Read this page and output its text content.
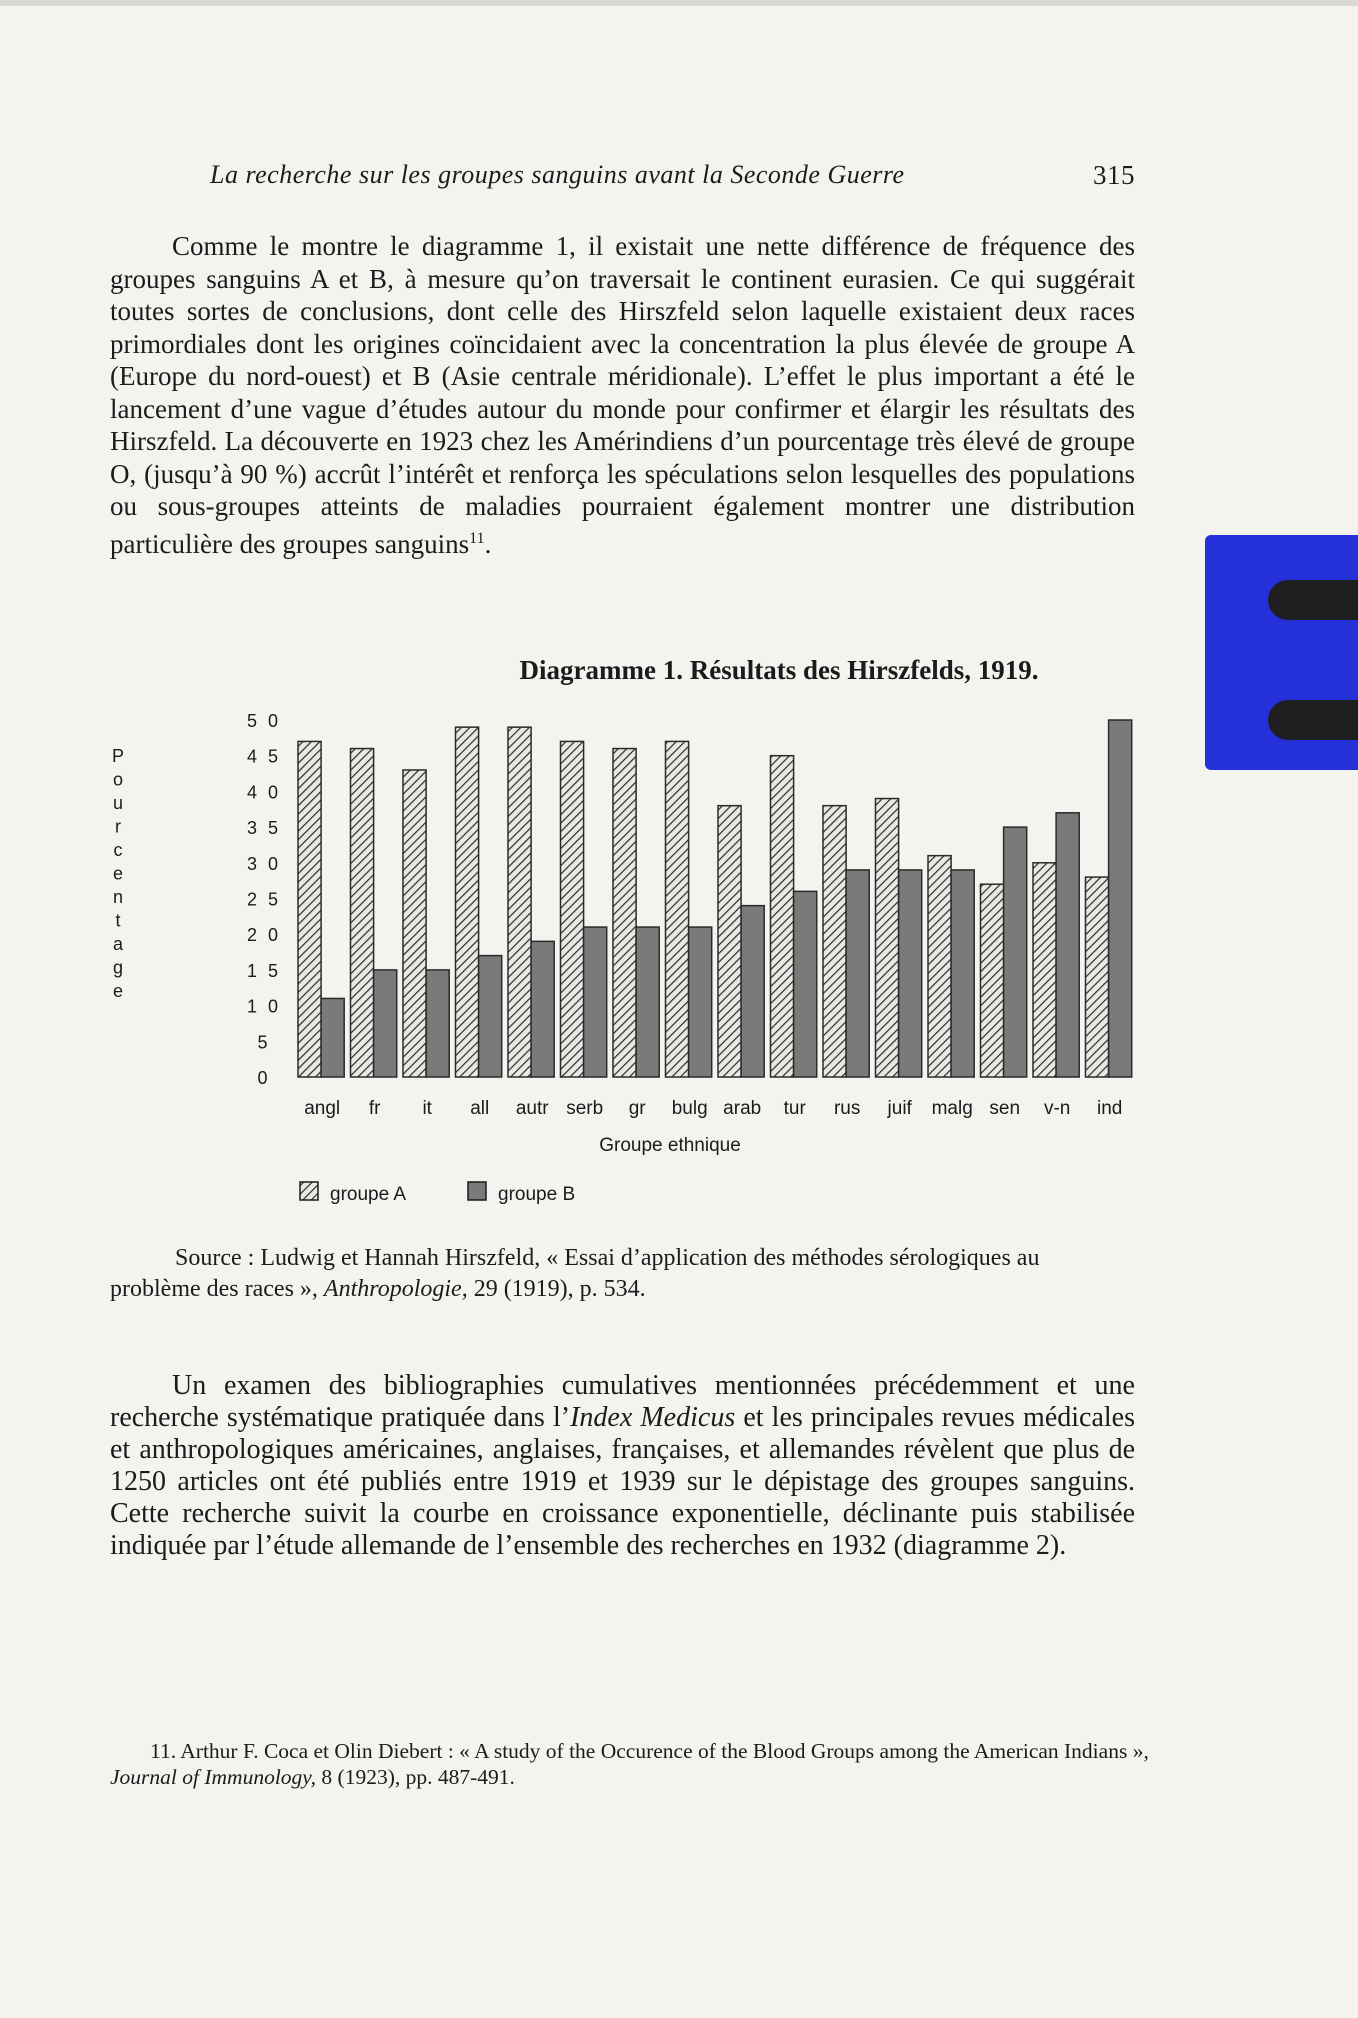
La recherche sur les groupes sanguins avant la Seconde Guerre	315

Comme le montre le diagramme 1, il existait une nette différence de fréquence des groupes sanguins A et B, à mesure qu’on traversait le continent eurasien. Ce qui suggérait toutes sortes de conclusions, dont celle des Hirszfeld selon laquelle existaient deux races primordiales dont les origines coïncidaient avec la concentration la plus élevée de groupe A (Europe du nord-ouest) et B (Asie centrale méridionale). L’effet le plus important a été le lancement d’une vague d’études autour du monde pour confirmer et élargir les résultats des Hirszfeld. La découverte en 1923 chez les Amérindiens d’un pourcentage très élevé de groupe O, (jusqu’à 90 %) accrût l’intérêt et renforça les spéculations selon lesquelles des populations ou sous-groupes atteints de maladies pourraient également montrer une distribution particulière des groupes sanguins$^{11}$.

Diagramme 1. Résultats des Hirszfelds, 1919.
P o u r c e n t a g e
5 0
4 5
4 0
3 5
3 0
2 5
2 0
1 5
1 0
5
0
angl fr it all autr serb gr bulg arab tur rus juif malg sen v-n ind
Groupe ethnique
groupe A	groupe B

Source : Ludwig et Hannah Hirszfeld, « Essai d’application des méthodes sérologiques au problème des races », Anthropologie, 29 (1919), p. 534.

Un examen des bibliographies cumulatives mentionnées précédemment et une recherche systématique pratiquée dans l’Index Medicus et les principales revues médicales et anthropologiques américaines, anglaises, françaises, et allemandes révèlent que plus de 1250 articles ont été publiés entre 1919 et 1939 sur le dépistage des groupes sanguins. Cette recherche suivit la courbe en croissance exponentielle, déclinante puis stabilisée indiquée par l’étude allemande de l’ensemble des recherches en 1932 (diagramme 2).

11. Arthur F. Coca et Olin Diebert : « A study of the Occurence of the Blood Groups among the American Indians », Journal of Immunology, 8 (1923), pp. 487-491.
